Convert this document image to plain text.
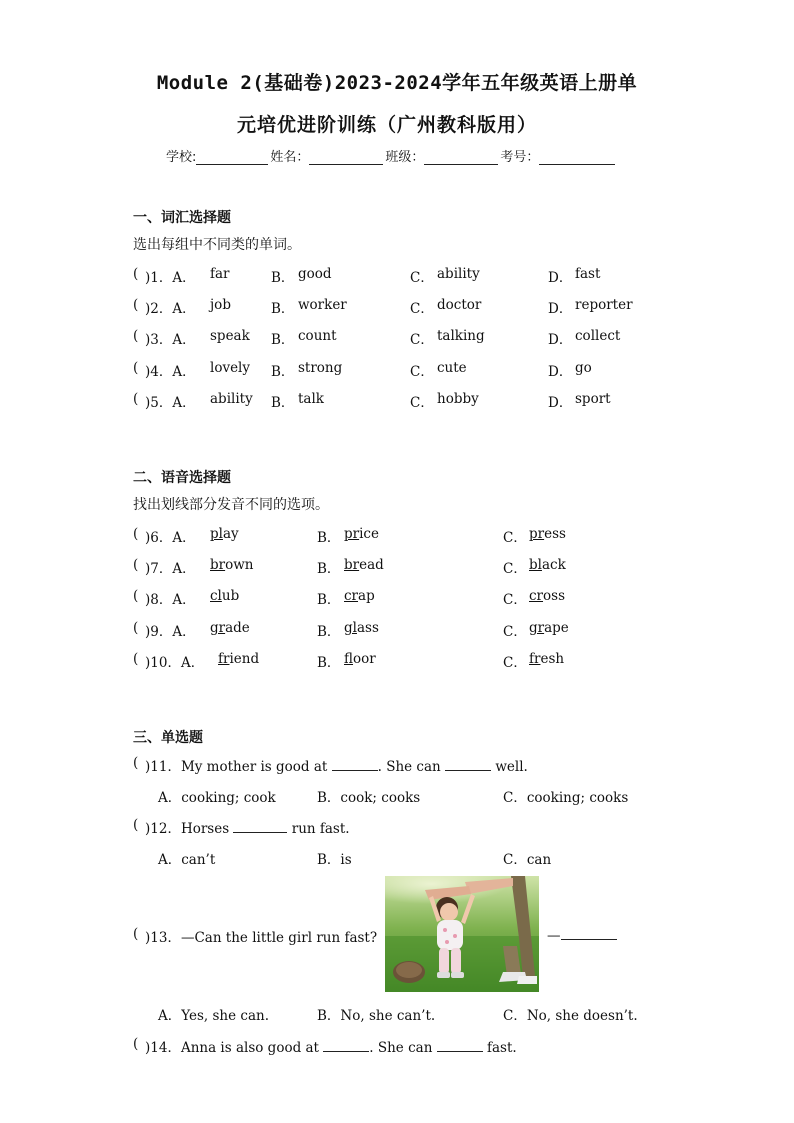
Module 2(基础卷)2023-2024学年五年级英语上册单
元培优进阶训练（广州教科版用）
学校:	姓名：	班级：	考号：
一、词汇选择题
选出每组中不同类的单词。
( )1．A． far	B． good	C． ability	D． fast
( )2．A． job	B． worker	C． doctor	D． reporter
( )3．A． speak B． count	C． talking	D． collect
( )4．A． lovely B． strong	C． cute	D． go
( )5．A． ability B． talk	C． hobby	D． sport
二、语音选择题
找出划线部分发音不同的选项。
( )6．A． play	B． price	C． press
( )7．A． brown	B． bread	C． black
( )8．A． club	B． crap	C． cross
( )9．A． grade	B． glass	C． grape
( )10．A． friend	B． floor	C． fresh
三、单选题
( )11．My mother is good at	. She can	well.
A．cooking; cook	B．cook; cooks	C．cooking; cooks
( )12．Horses	run fast.
A．can’t	B．is	C．can
( )13．—Can the little girl run fast?	—
A．Yes, she can.	B．No, she can’t.	C．No, she doesn’t.
( )14．Anna is also good at	. She can	fast.
